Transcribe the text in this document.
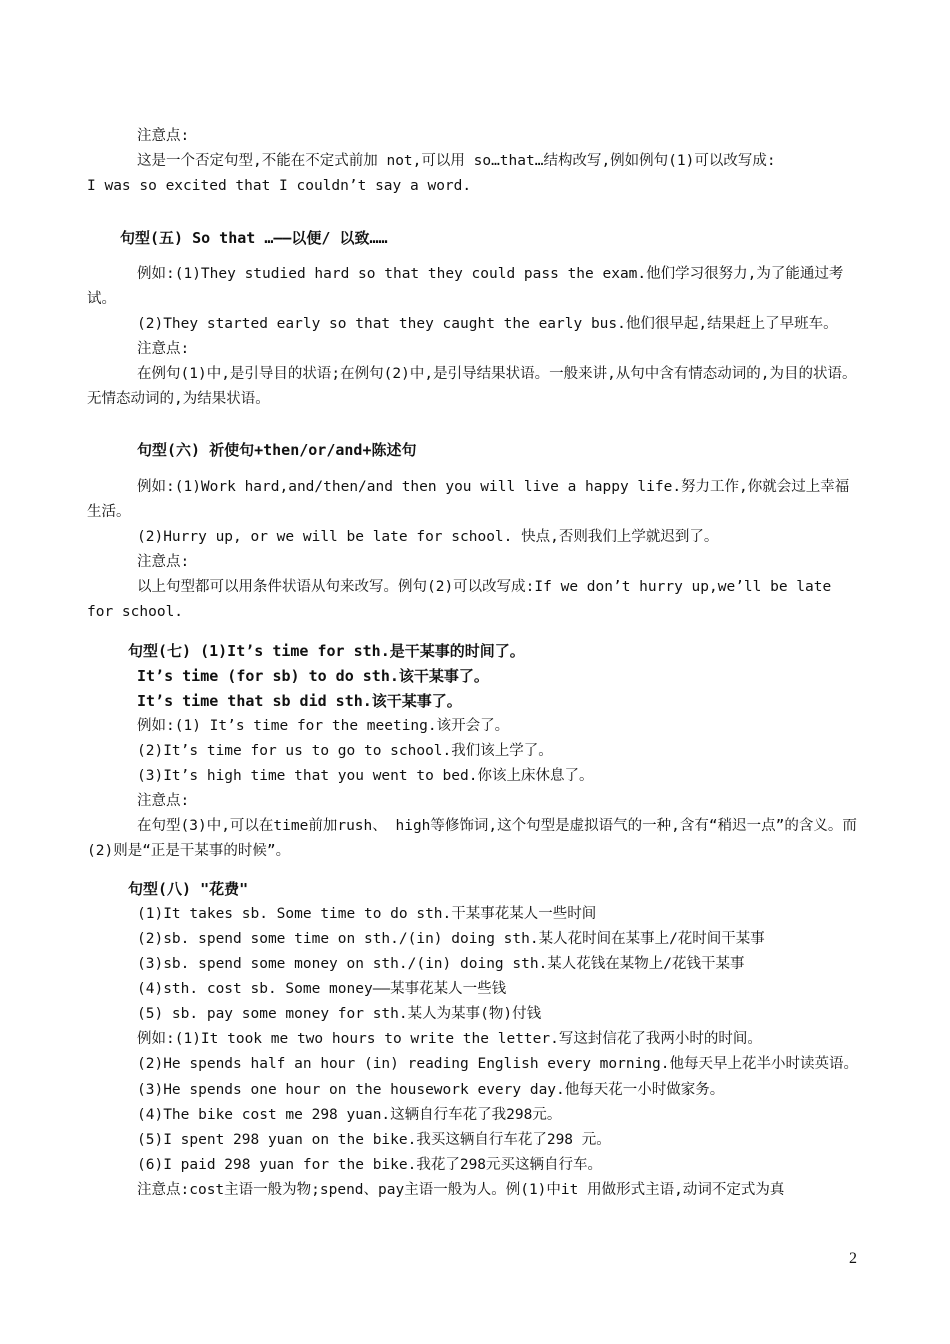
注意点:
这是一个否定句型,不能在不定式前加 not,可以用 so…that…结构改写,例如例句(1)可以改写成:
I was so excited that I couldn’t say a word.
句型(五) So that …——以便/ 以致……
例如:(1)They studied hard so that they could pass the exam.他们学习很努力,为了能通过考试。
(2)They started early so that they caught the early bus.他们很早起,结果赶上了早班车。
注意点:
在例句(1)中,是引导目的状语;在例句(2)中,是引导结果状语。一般来讲,从句中含有情态动词的,为目的状语。无情态动词的,为结果状语。
句型(六) 祈使句+then/or/and+陈述句
例如:(1)Work hard,and/then/and then you will live a happy life.努力工作,你就会过上幸福生活。
(2)Hurry up, or we will be late for school. 快点,否则我们上学就迟到了。
注意点:
以上句型都可以用条件状语从句来改写。例句(2)可以改写成:If we don’t hurry up,we’ll be late for school.
句型(七) (1)It’s time for sth.是干某事的时间了。
It’s time (for sb) to do sth.该干某事了。
It’s time that sb did sth.该干某事了。
例如:(1) It’s time for the meeting.该开会了。
(2)It’s time for us to go to school.我们该上学了。
(3)It’s high time that you went to bed.你该上床休息了。
注意点:
在句型(3)中,可以在time前加rush、 high等修饰词,这个句型是虚拟语气的一种,含有“稍迟一点”的含义。而(2)则是“正是干某事的时候”。
句型(八) "花费"
(1)It takes sb. Some time to do sth.干某事花某人一些时间
(2)sb. spend some time on sth./(in) doing sth.某人花时间在某事上/花时间干某事
(3)sb. spend some money on sth./(in) doing sth.某人花钱在某物上/花钱干某事
(4)sth. cost sb. Some money——某事花某人一些钱
(5) sb. pay some money for sth.某人为某事(物)付钱
例如:(1)It took me two hours to write the letter.写这封信花了我两小时的时间。
(2)He spends half an hour (in) reading English every morning.他每天早上花半小时读英语。
(3)He spends one hour on the housework every day.他每天花一小时做家务。
(4)The bike cost me 298 yuan.这辆自行车花了我298元。
(5)I spent 298 yuan on the bike.我买这辆自行车花了298 元。
(6)I paid 298 yuan for the bike.我花了298元买这辆自行车。
注意点:cost主语一般为物;spend、pay主语一般为人。例(1)中it 用做形式主语,动词不定式为真
2
